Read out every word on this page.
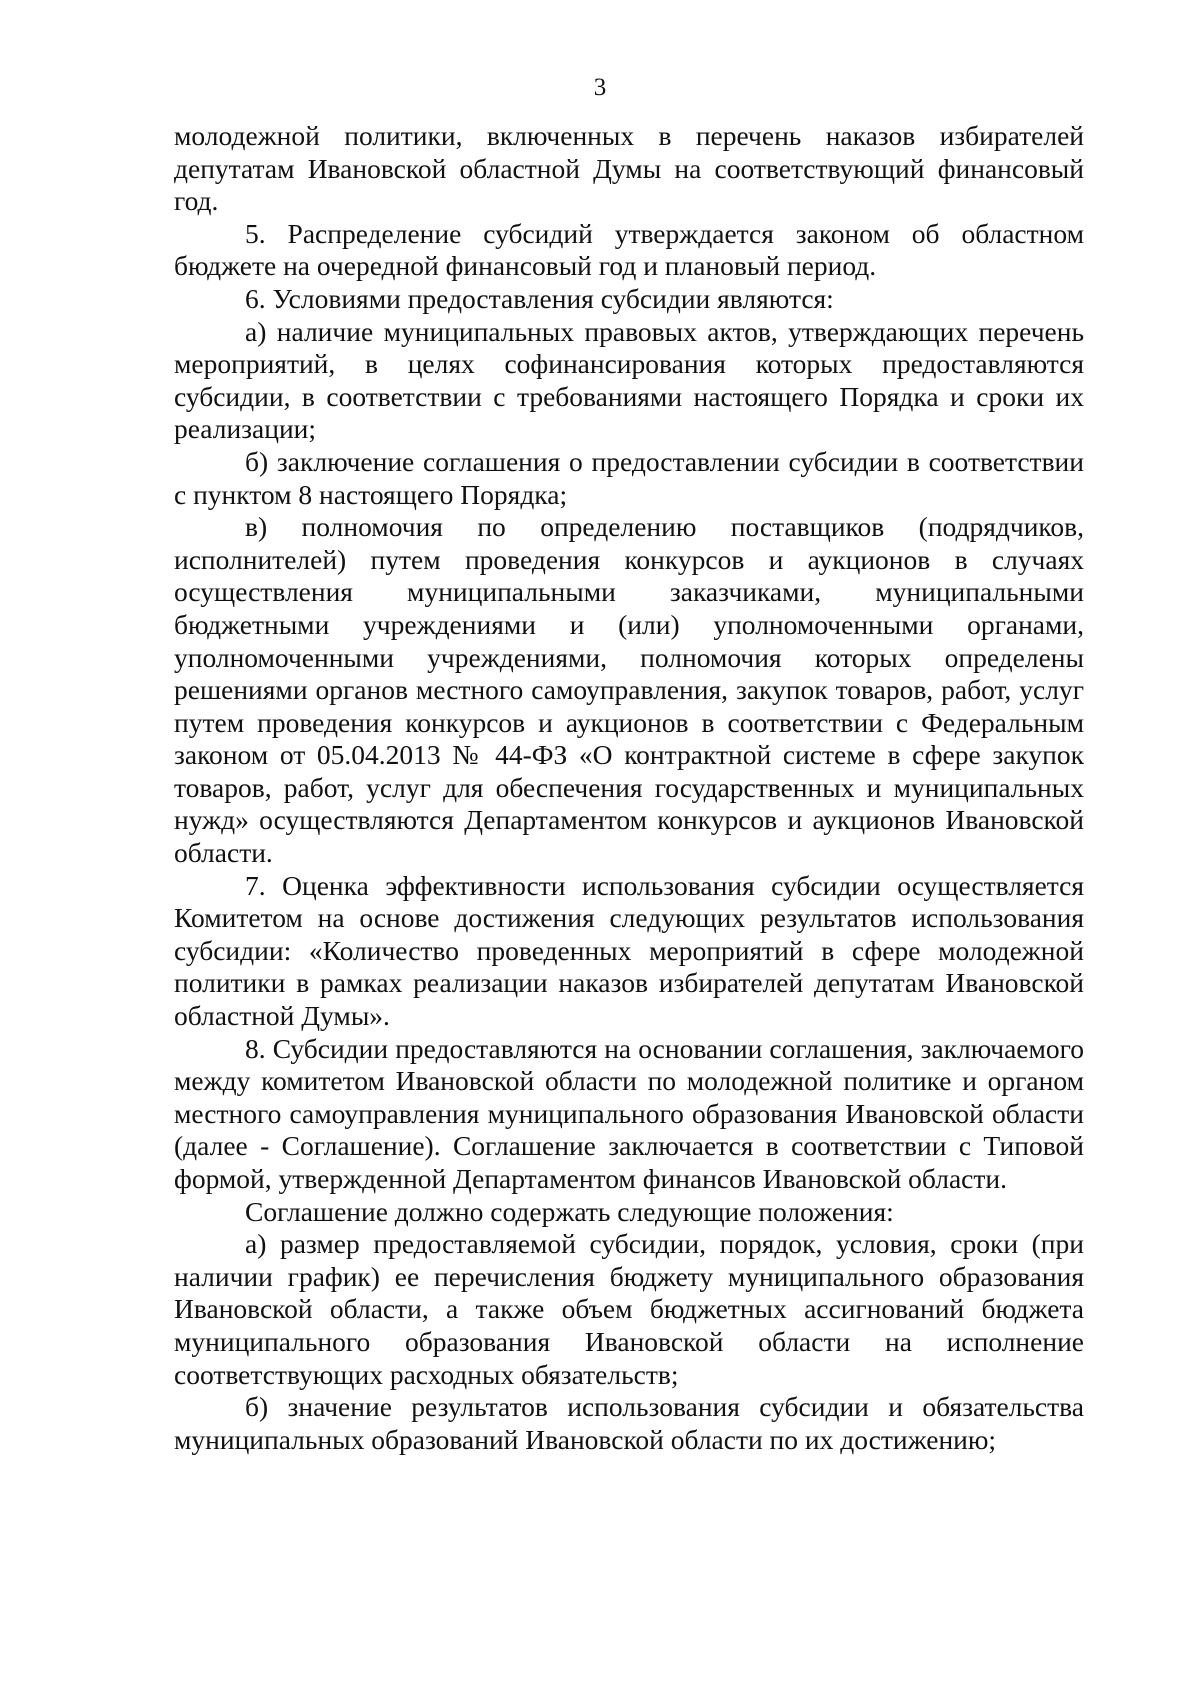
3

молодежной политики, включенных в перечень наказов избирателей депутатам Ивановской областной Думы на соответствующий финансовый год.

5. Распределение субсидий утверждается законом об областном бюджете на очередной финансовый год и плановый период.

6. Условиями предоставления субсидии являются:

а) наличие муниципальных правовых актов, утверждающих перечень мероприятий, в целях софинансирования которых предоставляются субсидии, в соответствии с требованиями настоящего Порядка и сроки их реализации;

б) заключение соглашения о предоставлении субсидии в соответствии с пунктом 8 настоящего Порядка;

в) полномочия по определению поставщиков (подрядчиков, исполнителей) путем проведения конкурсов и аукционов в случаях осуществления муниципальными заказчиками, муниципальными бюджетными учреждениями и (или) уполномоченными органами, уполномоченными учреждениями, полномочия которых определены решениями органов местного самоуправления, закупок товаров, работ, услуг путем проведения конкурсов и аукционов в соответствии с Федеральным законом от 05.04.2013 № 44-ФЗ «О контрактной системе в сфере закупок товаров, работ, услуг для обеспечения государственных и муниципальных нужд» осуществляются Департаментом конкурсов и аукционов Ивановской области.

7. Оценка эффективности использования субсидии осуществляется Комитетом на основе достижения следующих результатов использования субсидии: «Количество проведенных мероприятий в сфере молодежной политики в рамках реализации наказов избирателей депутатам Ивановской областной Думы».

8. Субсидии предоставляются на основании соглашения, заключаемого между комитетом Ивановской области по молодежной политике и органом местного самоуправления муниципального образования Ивановской области (далее - Соглашение). Соглашение заключается в соответствии с Типовой формой, утвержденной Департаментом финансов Ивановской области.

Соглашение должно содержать следующие положения:

а) размер предоставляемой субсидии, порядок, условия, сроки (при наличии график) ее перечисления бюджету муниципального образования Ивановской области, а также объем бюджетных ассигнований бюджета муниципального образования Ивановской области на исполнение соответствующих расходных обязательств;

б) значение результатов использования субсидии и обязательства муниципальных образований Ивановской области по их достижению;
